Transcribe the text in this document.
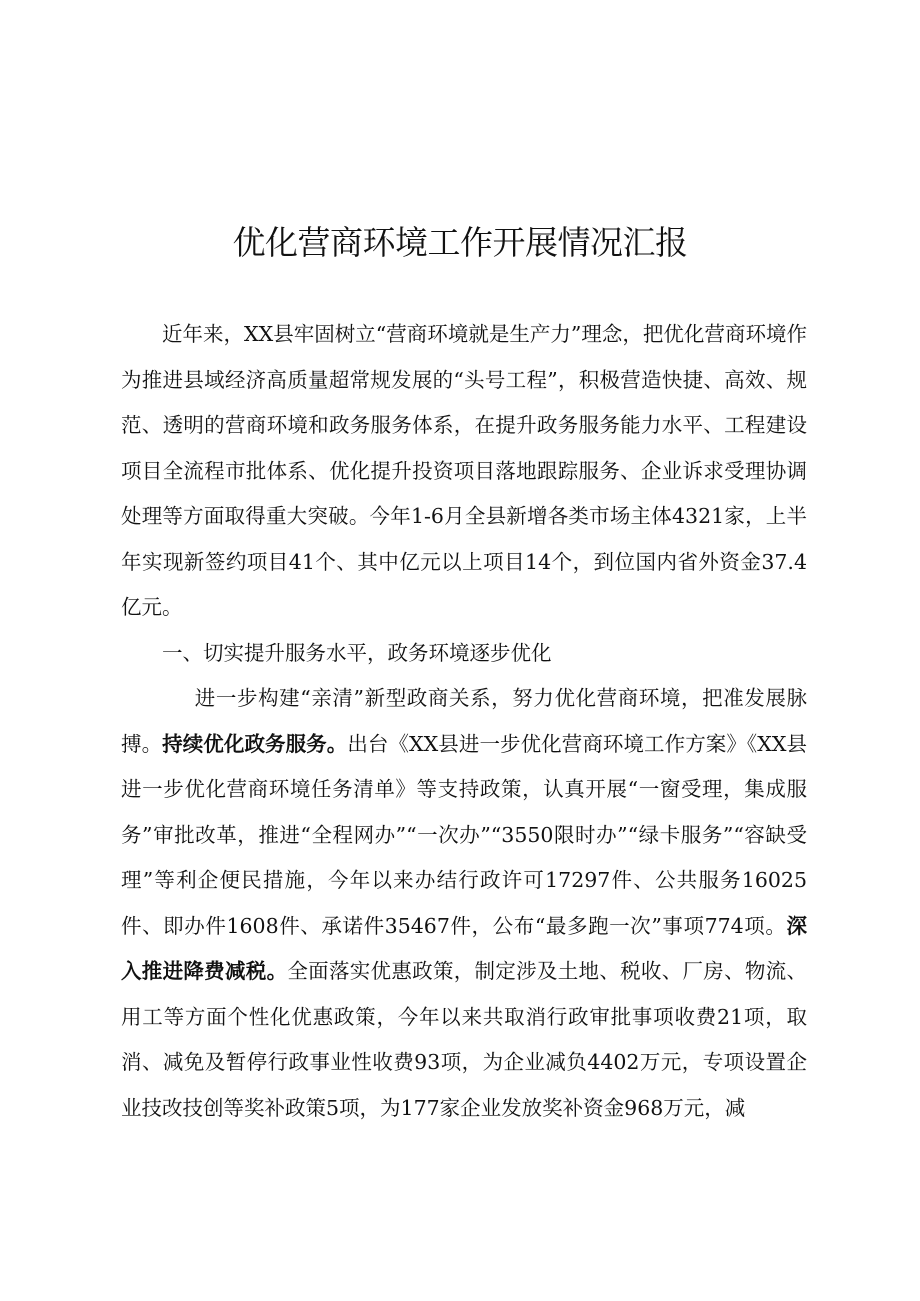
优化营商环境工作开展情况汇报

近年来，XX县牢固树立“营商环境就是生产力”理念，把优化营商环境作为推进县域经济高质量超常规发展的“头号工程”，积极营造快捷、高效、规范、透明的营商环境和政务服务体系，在提升政务服务能力水平、工程建设项目全流程市批体系、优化提升投资项目落地跟踪服务、企业诉求受理协调处理等方面取得重大突破。今年1-6月全县新增各类市场主体4321家，上半年实现新签约项目41个、其中亿元以上项目14个，到位国内省外资金37.4亿元。

一、切实提升服务水平，政务环境逐步优化

进一步构建“亲清”新型政商关系，努力优化营商环境，把准发展脉搏。持续优化政务服务。出台《XX县进一步优化营商环境工作方案》《XX县进一步优化营商环境任务清单》等支持政策，认真开展“一窗受理，集成服务”审批改革，推进“全程网办”“一次办”“3550限时办”“绿卡服务”“容缺受理”等利企便民措施，今年以来办结行政许可17297件、公共服务16025件、即办件1608件、承诺件35467件，公布“最多跑一次”事项774项。深入推进降费减税。全面落实优惠政策，制定涉及土地、税收、厂房、物流、用工等方面个性化优惠政策，今年以来共取消行政审批事项收费21项，取消、减免及暂停行政事业性收费93项，为企业减负4402万元，专项设置企业技改技创等奖补政策5项，为177家企业发放奖补资金968万元，减
